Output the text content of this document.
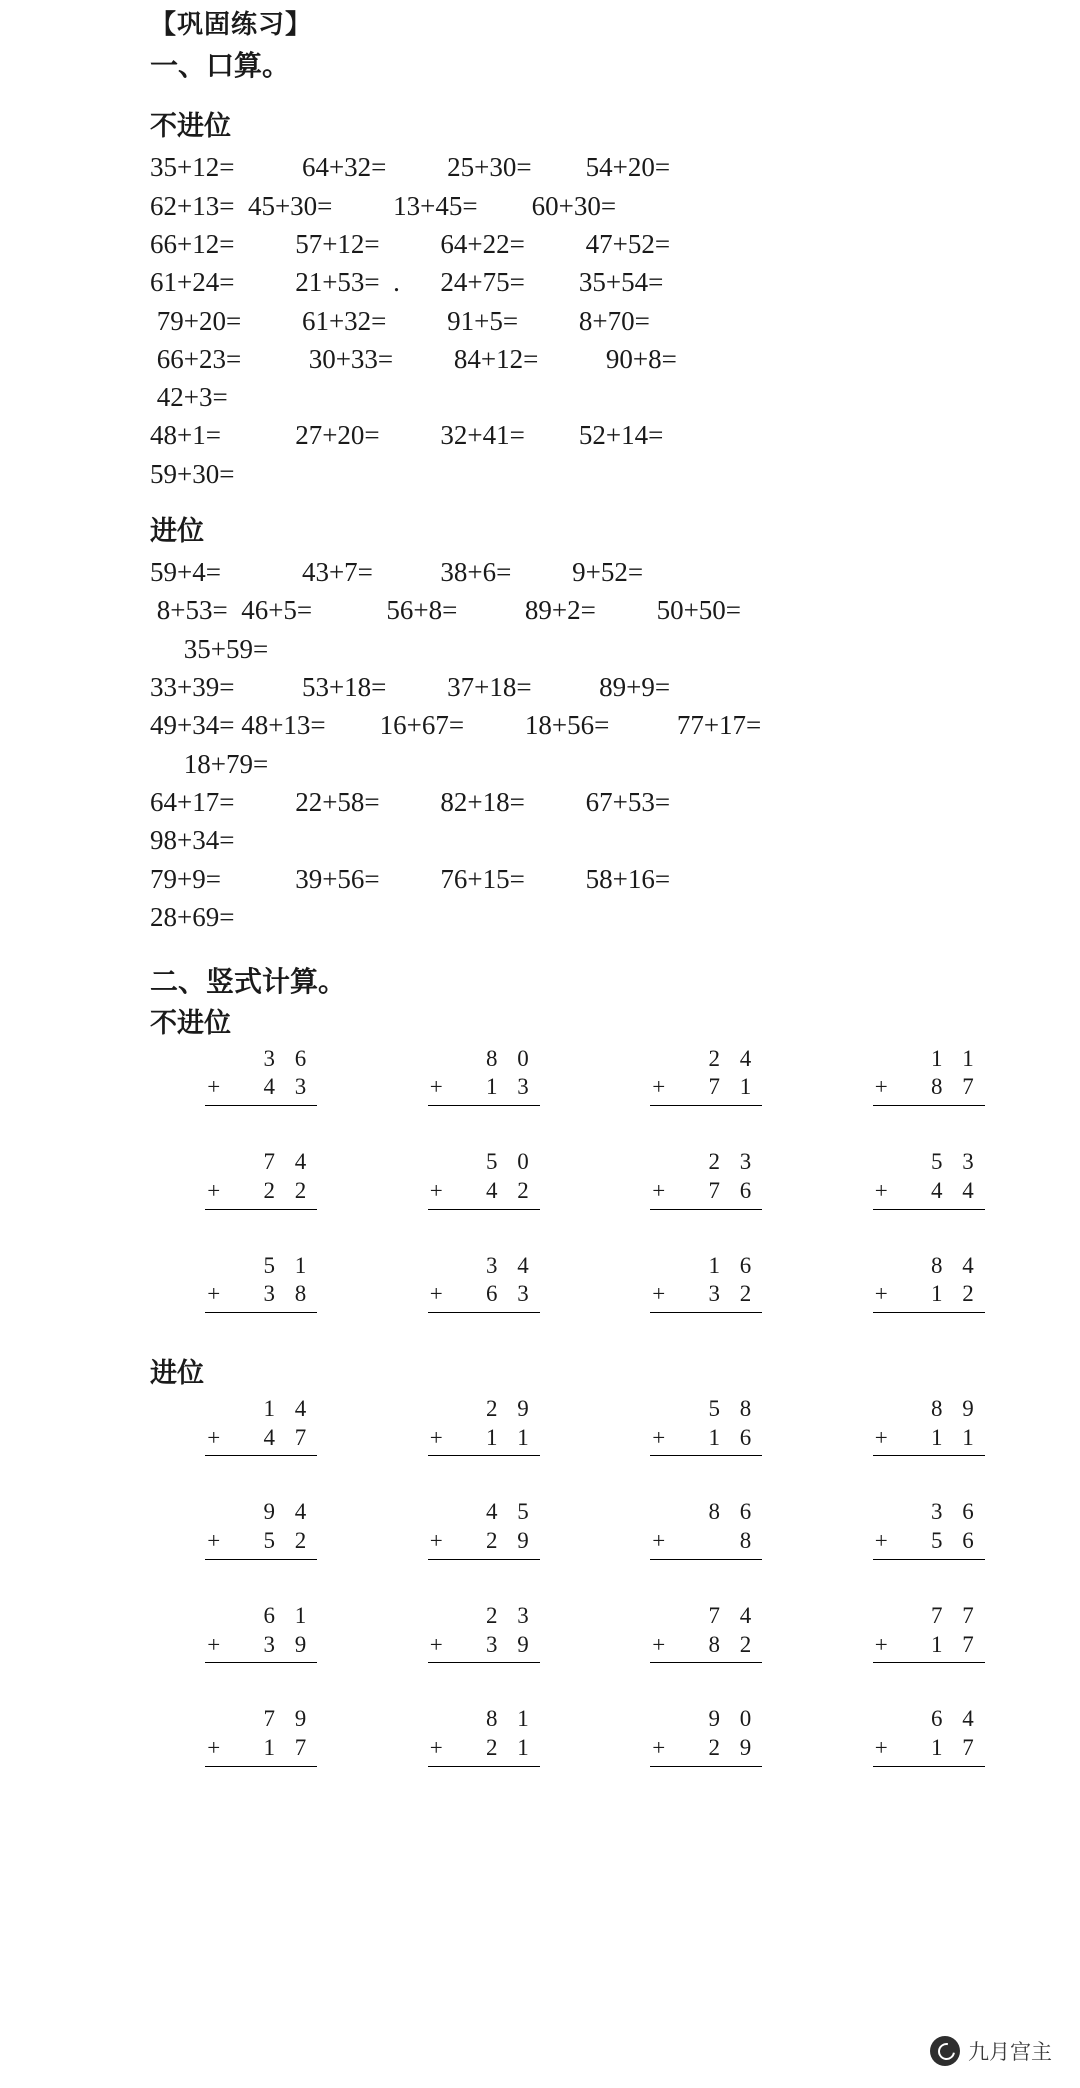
【巩固练习】
一、口算。
不进位
35+12=          64+32=         25+30=        54+20=
62+13=  45+30=         13+45=        60+30=
66+12=         57+12=         64+22=         47+52=
61+24=         21+53=  .      24+75=        35+54=
79+20=         61+32=         91+5=         8+70=
66+23=          30+33=         84+12=          90+8=
42+3=
48+1=           27+20=         32+41=        52+14=
59+30=
进位
59+4=            43+7=          38+6=         9+52=
8+53=  46+5=           56+8=          89+2=         50+50=
35+59=
33+39=          53+18=         37+18=          89+9=
49+34= 48+13=        16+67=         18+56=          77+17=
18+79=
64+17=         22+58=         82+18=         67+53=
98+34=
79+9=           39+56=         76+15=         58+16=
28+69=
二、竖式计算。
不进位
3 6
+ 4 3
8 0
+ 1 3
2 4
+ 7 1
1 1
+ 8 7
7 4
+ 2 2
5 0
+ 4 2
2 3
+ 7 6
5 3
+ 4 4
5 1
+ 3 8
3 4
+ 6 3
1 6
+ 3 2
8 4
+ 1 2
进位
1 4
+ 4 7
2 9
+ 1 1
5 8
+ 1 6
8 9
+ 1 1
9 4
+ 5 2
4 5
+ 2 9
8 6
+	8
3 6
+ 5 6
6 1
+ 3 9
2 3
+ 3 9
7 4
+ 8 2
7 7
+ 1 7
7 9
+ 1 7
8 1
+ 2 1
9 0
+ 2 9
6 4
+ 1 7
九月宫主
